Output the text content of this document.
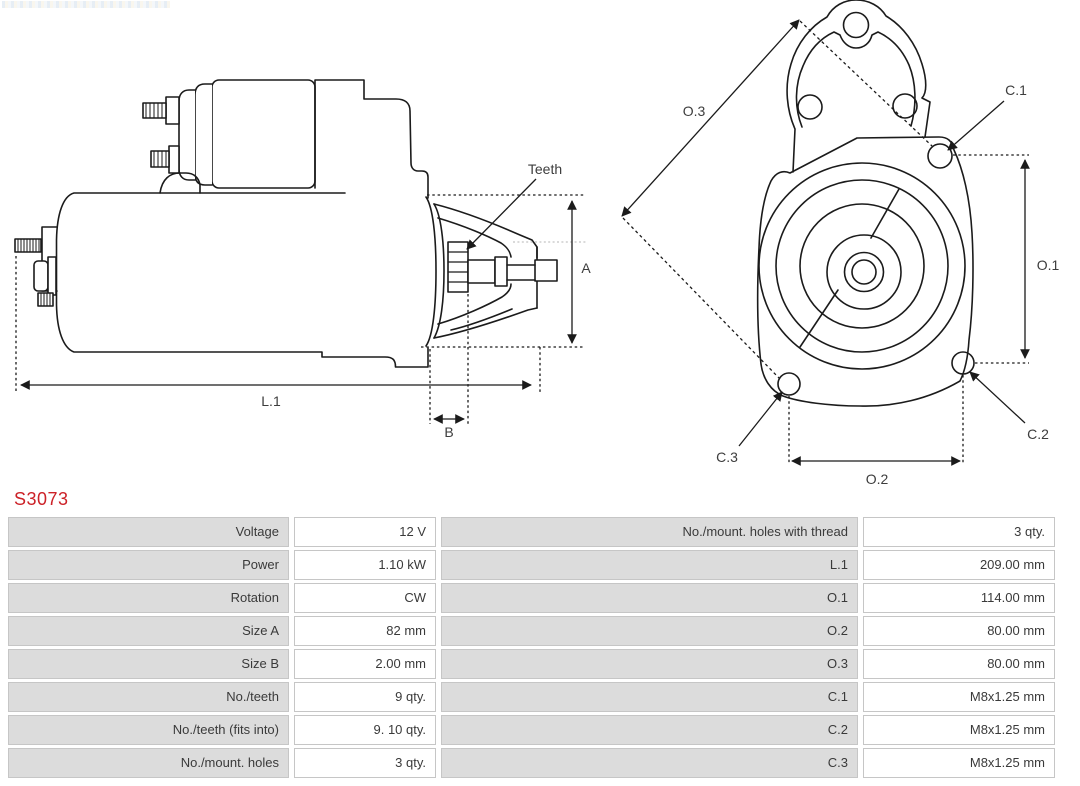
Teeth
A
L.1
B
O.3
O.1
O.2
C.1
C.2
C.3
S3073
Voltage	12 V	No./mount. holes with thread	3 qty.
Power	1.10 kW	L.1	209.00 mm
Rotation	CW	O.1	114.00 mm
Size A	82 mm	O.2	80.00 mm
Size B	2.00 mm	O.3	80.00 mm
No./teeth	9 qty.	C.1	M8x1.25 mm
No./teeth (fits into)	9. 10 qty.	C.2	M8x1.25 mm
No./mount. holes	3 qty.	C.3	M8x1.25 mm
